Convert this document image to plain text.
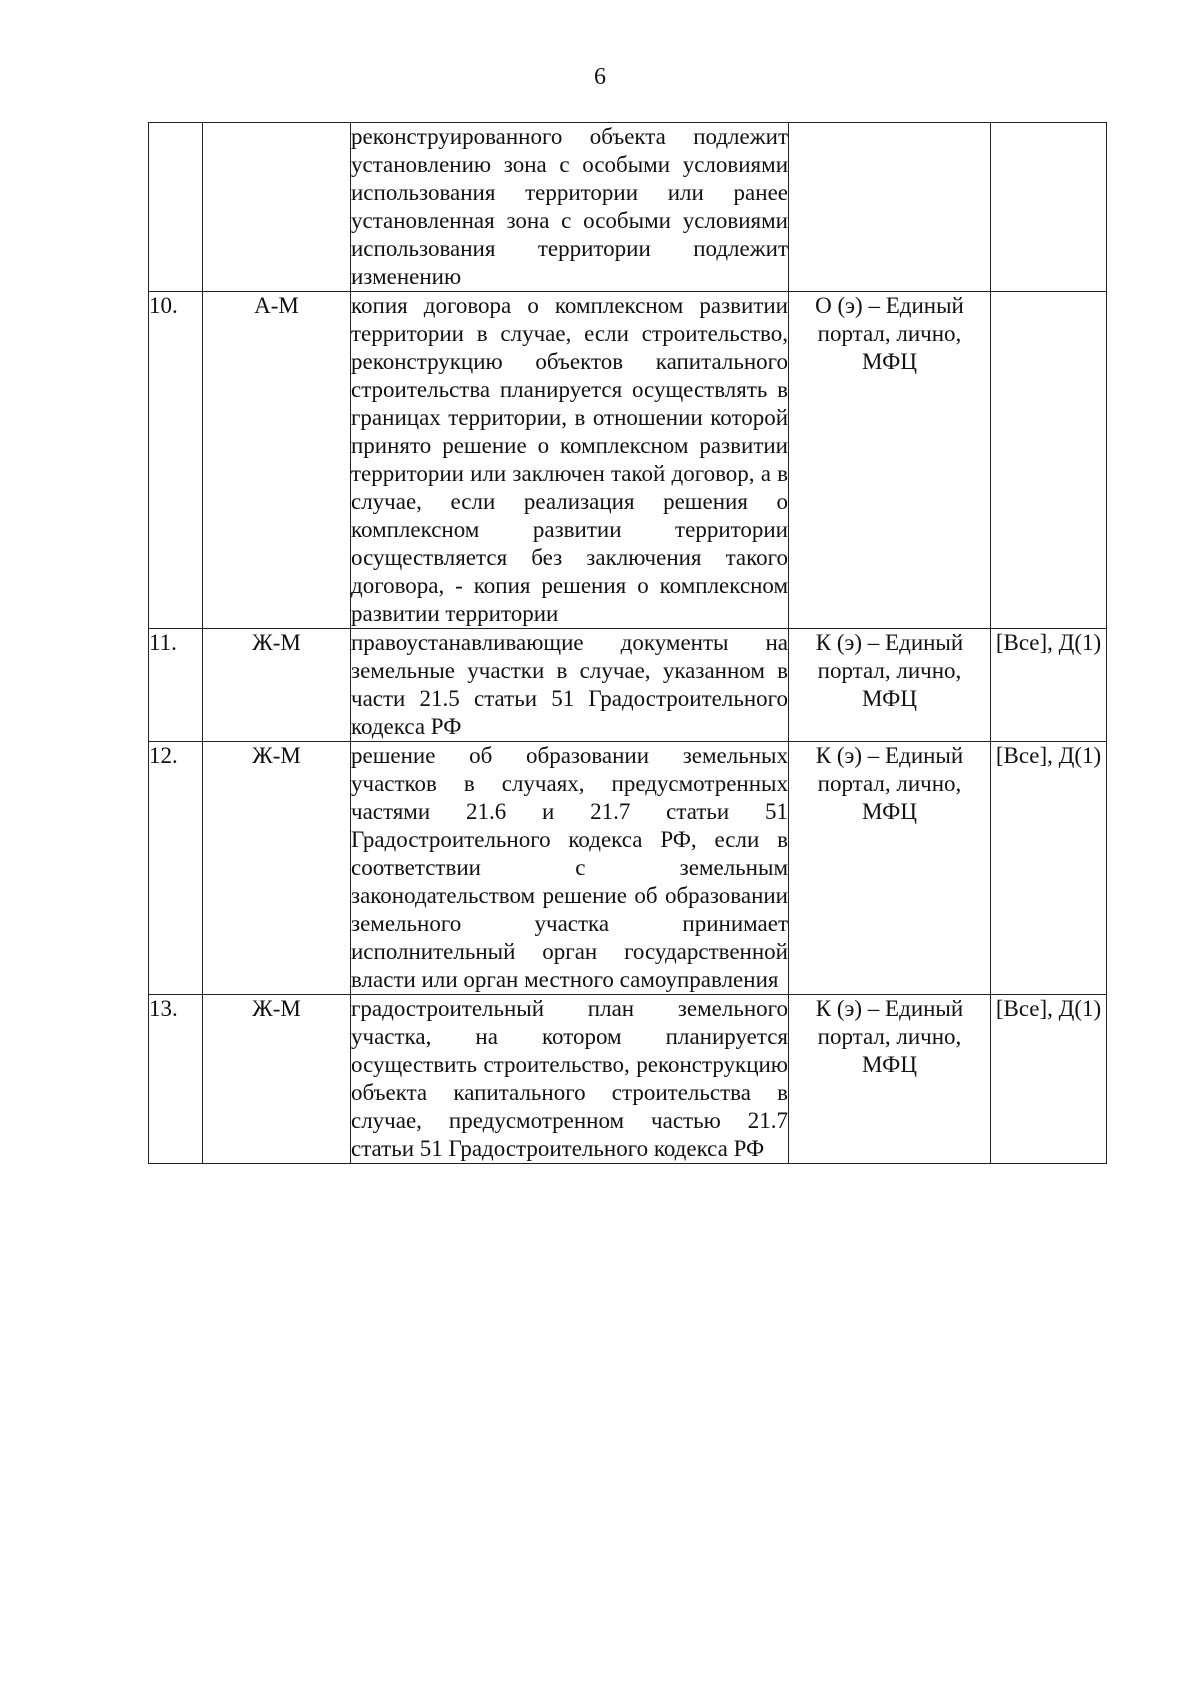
6

		реконструированного объекта подлежит установлению зона с особыми условиями использования территории или ранее установленная зона с особыми условиями использования территории подлежит изменению		

10.	А-М	копия договора о комплексном развитии территории в случае, если строительство, реконструкцию объектов капитального строительства планируется осуществлять в границах территории, в отношении которой принято решение о комплексном развитии территории или заключен такой договор, а в случае, если реализация решения о комплексном развитии территории осуществляется без заключения такого договора, - копия решения о комплексном развитии территории	О (э) – Единый портал, лично, МФЦ	
11.	Ж-М	правоустанавливающие документы на земельные участки в случае, указанном в части 21.5 статьи 51 Градостроительного кодекса РФ	К (э) – Единый портал, лично, МФЦ	[Все], Д(1)
12.	Ж-М	решение об образовании земельных участков в случаях, предусмотренных частями 21.6 и 21.7 статьи 51 Градостроительного кодекса РФ, если в соответствии с земельным законодательством решение об образовании земельного участка принимает исполнительный орган государственной власти или орган местного самоуправления	К (э) – Единый портал, лично, МФЦ	[Все], Д(1)
13.	Ж-М	градостроительный план земельного участка, на котором планируется осуществить строительство, реконструкцию объекта капитального строительства в случае, предусмотренном частью 21.7 статьи 51 Градостроительного кодекса РФ	К (э) – Единый портал, лично, МФЦ	[Все], Д(1)
